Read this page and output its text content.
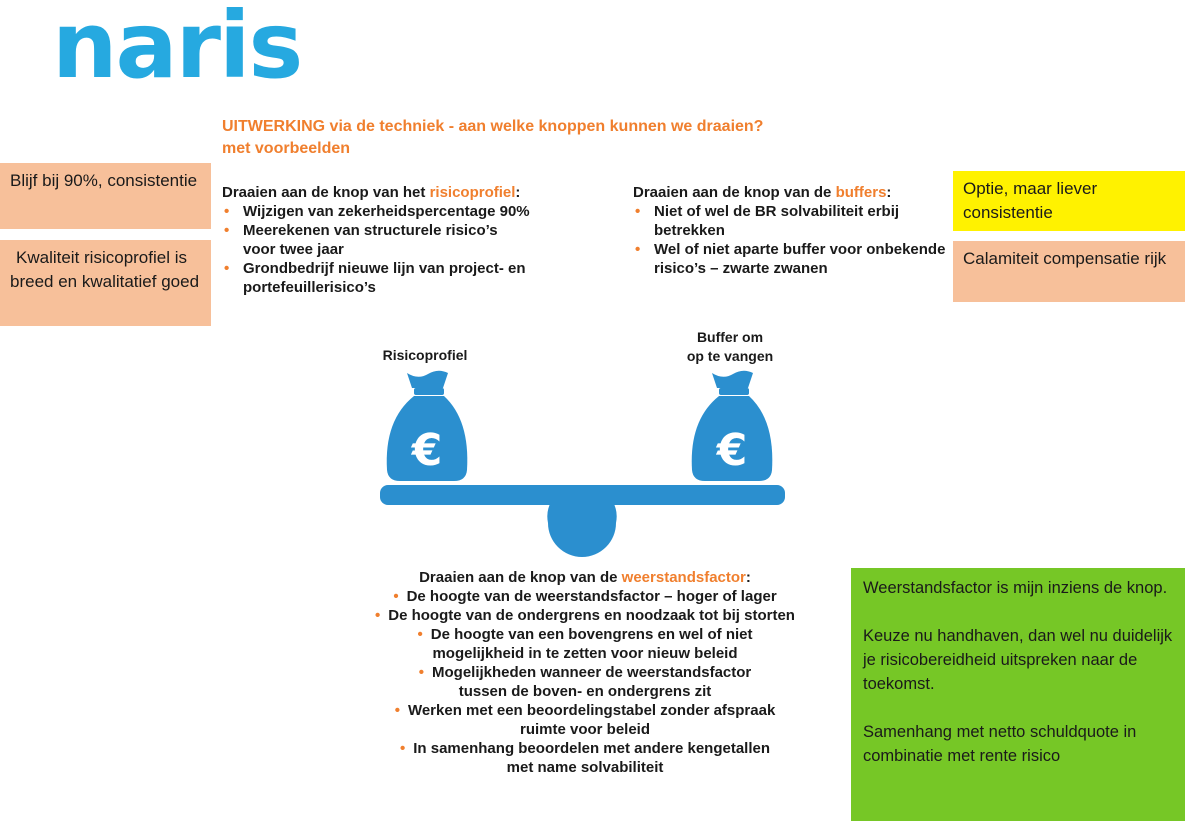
naris
UITWERKING via de techniek - aan welke knoppen kunnen we draaien?
met voorbeelden
Blijf bij 90%, consistentie
Kwaliteit risicoprofiel is breed en kwalitatief goed
Optie, maar liever consistentie
Calamiteit compensatie rijk

Weerstandsfactor is mijn inziens de knop.

Keuze nu handhaven, dan wel nu duidelijk je risicobereidheid uitspreken naar de toekomst.

Samenhang met netto schuldquote in combinatie met rente risico

Draaien aan de knop van het risicoprofiel:
• Wijzigen van zekerheidspercentage 90%
• Meerekenen van structurele risico’s voor twee jaar
• Grondbedrijf nieuwe lijn van project- en portefeuillerisico’s
Draaien aan de knop van de buffers:
• Niet of wel de BR solvabiliteit erbij betrekken
• Wel of niet aparte buffer voor onbekende risico’s – zwarte zwanen
Risicoprofiel
Buffer om
op te vangen
€	€
Draaien aan de knop van de weerstandsfactor:
• De hoogte van de weerstandsfactor – hoger of lager
• De hoogte van de ondergrens en noodzaak tot bij storten
• De hoogte van een bovengrens en wel of niet
mogelijkheid in te zetten voor nieuw beleid
• Mogelijkheden wanneer de weerstandsfactor
tussen de boven- en ondergrens zit
• Werken met een beoordelingstabel zonder afspraak
ruimte voor beleid
• In samenhang beoordelen met andere kengetallen
met name solvabiliteit
